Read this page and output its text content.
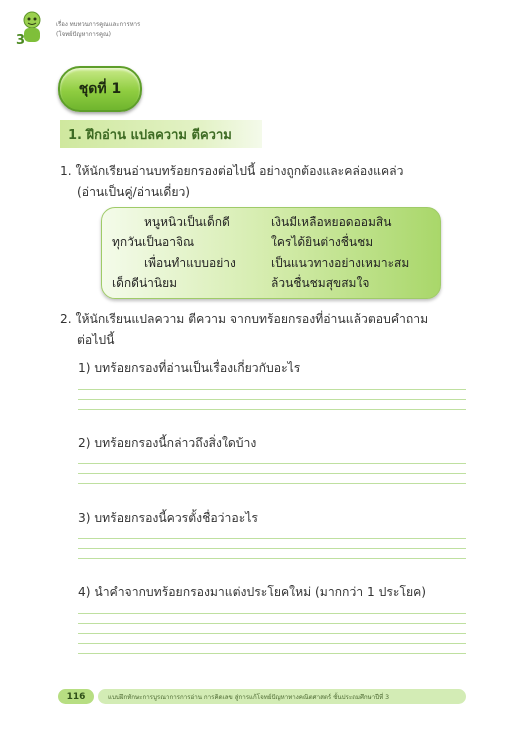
3
เรื่อง ทบทวนการคูณและการหาร
(โจทย์ปัญหาการคูณ)
ชุดที่ 1
1. ฝึกอ่าน แปลความ ตีความ
1. ให้นักเรียนอ่านบทร้อยกรองต่อไปนี้ อย่างถูกต้องและคล่องแคล่ว
(อ่านเป็นคู่/อ่านเดี่ยว)
หนูหนิวเป็นเด็กดี
ทุกวันเป็นอาจิณ
เพื่อนทำแบบอย่าง
เด็กดีน่านิยม
เงินมีเหลือหยอดออมสิน
ใครได้ยินต่างชื่นชม
เป็นแนวทางอย่างเหมาะสม
ล้วนชื่นชมสุขสมใจ
2. ให้นักเรียนแปลความ ตีความ จากบทร้อยกรองที่อ่านแล้วตอบคำถาม
ต่อไปนี้
1) บทร้อยกรองที่อ่านเป็นเรื่องเกี่ยวกับอะไร
2) บทร้อยกรองนี้กล่าวถึงสิ่งใดบ้าง
3) บทร้อยกรองนี้ควรตั้งชื่อว่าอะไร
4) นำคำจากบทร้อยกรองมาแต่งประโยคใหม่ (มากกว่า 1 ประโยค)
116	แบบฝึกทักษะการบูรณาการการอ่าน การคิดเลข สู่การแก้โจทย์ปัญหาทางคณิตศาสตร์ ชั้นประถมศึกษาปีที่ 3
